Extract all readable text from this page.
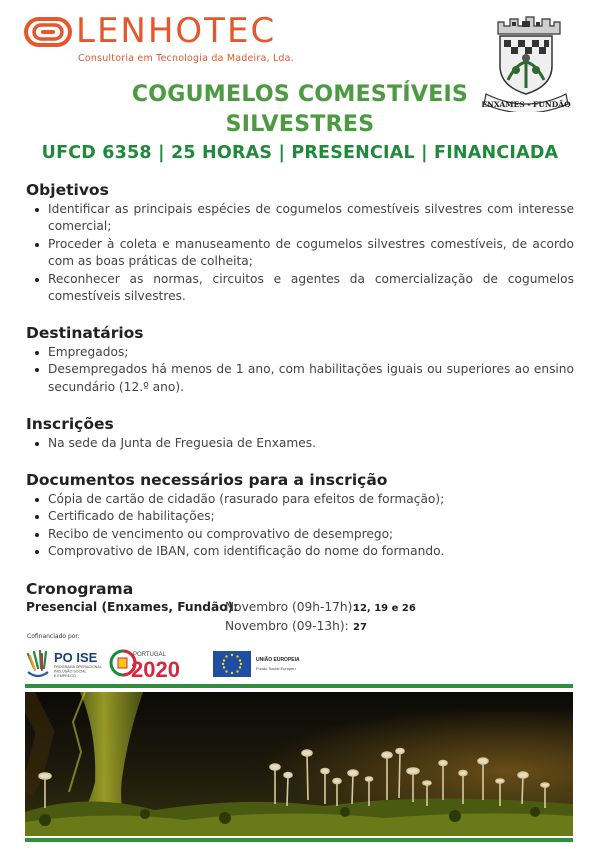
LENHOTEC
Consultoria em Tecnologia da Madeira, Lda.
ENXAMES - FUNDÃO
COGUMELOS COMESTÍVEIS
SILVESTRES
UFCD 6358 | 25 HORAS | PRESENCIAL | FINANCIADA
Objetivos
Identificar as principais espécies de cogumelos comestíveis silvestres com interesse comercial;
Proceder à coleta e manuseamento de cogumelos silvestres comestíveis, de acordo com as boas práticas de colheita;
Reconhecer as normas, circuitos e agentes da comercialização de cogumelos comestíveis silvestres.
Destinatários
Empregados;
Desempregados há menos de 1 ano, com habilitações iguais ou superiores ao ensino secundário (12.º ano).
Inscrições
Na sede da Junta de Freguesia de Enxames.
Documentos necessários para a inscrição
Cópia de cartão de cidadão (rasurado para efeitos de formação);
Certificado de habilitações;
Recibo de vencimento ou comprovativo de desemprego;
Comprovativo de IBAN, com identificação do nome do formando.
Cronograma
Presencial (Enxames, Fundão):
Novembro (09h-17h):
12, 19 e 26
Novembro (09-13h): 27
Cofinanciado por:
PO ISE
PROGRAMA OPERACIONAL
INCLUSÃO SOCIAL
E EMPREGO
PORTUGAL
2020	UNIÃO EUROPEIA
Fundo Social Europeu
